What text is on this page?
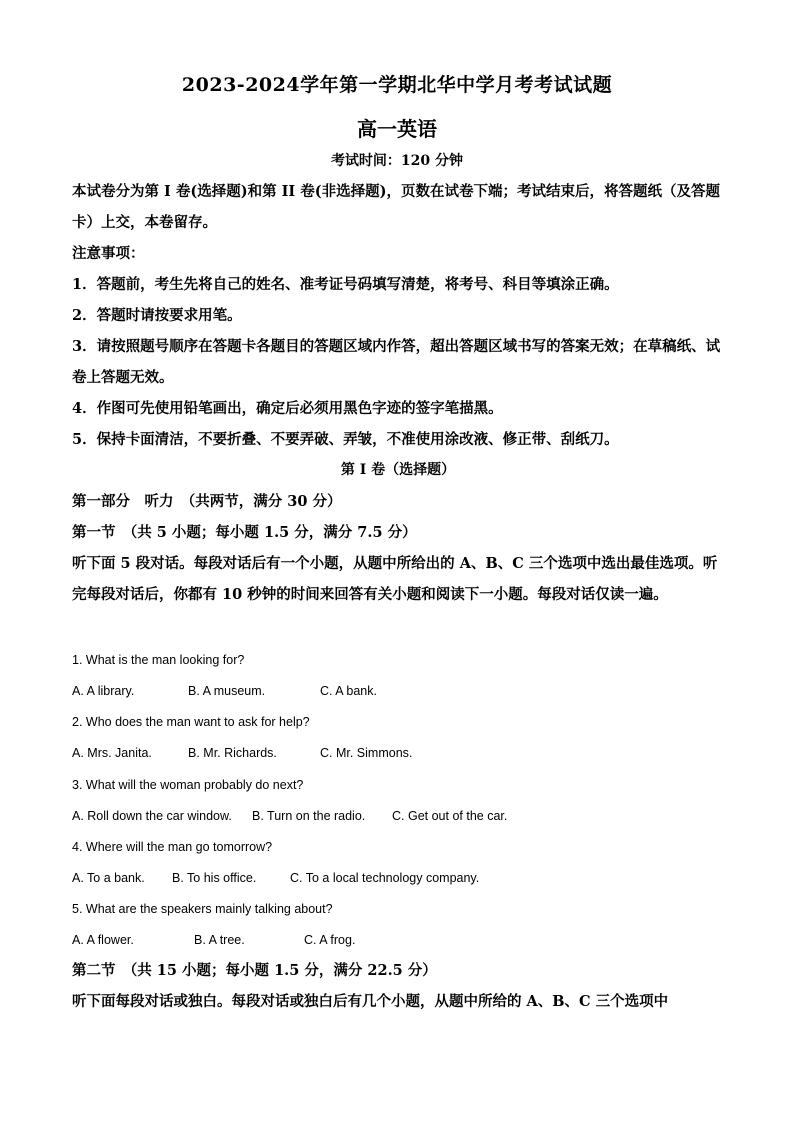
2023-2024学年第一学期北华中学月考考试试题
高一英语
考试时间：120 分钟
本试卷分为第 I 卷(选择题)和第 II 卷(非选择题)，页数在试卷下端；考试结束后，将答题纸（及答题卡）上交，本卷留存。
注意事项：
1．答题前，考生先将自己的姓名、准考证号码填写清楚，将考号、科目等填涂正确。
2．答题时请按要求用笔。
3．请按照题号顺序在答题卡各题目的答题区域内作答，超出答题区域书写的答案无效；在草稿纸、试卷上答题无效。
4．作图可先使用铅笔画出，确定后必须用黑色字迹的签字笔描黑。
5．保持卡面清洁，不要折叠、不要弄破、弄皱，不准使用涂改液、修正带、刮纸刀。
第 I 卷（选择题）
第一部分　听力　（共两节，满分 30 分）
第一节　（共 5 小题；每小题 1.5 分，满分 7.5 分）
听下面 5 段对话。每段对话后有一个小题，从题中所给出的 A、B、C 三个选项中选出最佳选项。听完每段对话后，你都有 10 秒钟的时间来回答有关小题和阅读下一小题。每段对话仅读一遍。
1. What is the man looking for?
A. A library.	B. A museum.	C. A bank.
2. Who does the man want to ask for help?
A. Mrs. Janita.	B. Mr. Richards.	C. Mr. Simmons.
3. What will the woman probably do next?
A. Roll down the car window. B. Turn on the radio. C. Get out of the car.
4. Where will the man go tomorrow?
A. To a bank. B. To his office.	C. To a local technology company.
5. What are the speakers mainly talking about?
A. A flower.	B. A tree.	C. A frog.
第二节　（共 15 小题；每小题 1.5 分，满分 22.5 分）
听下面每段对话或独白。每段对话或独白后有几个小题，从题中所给的 A、B、C 三个选项中
